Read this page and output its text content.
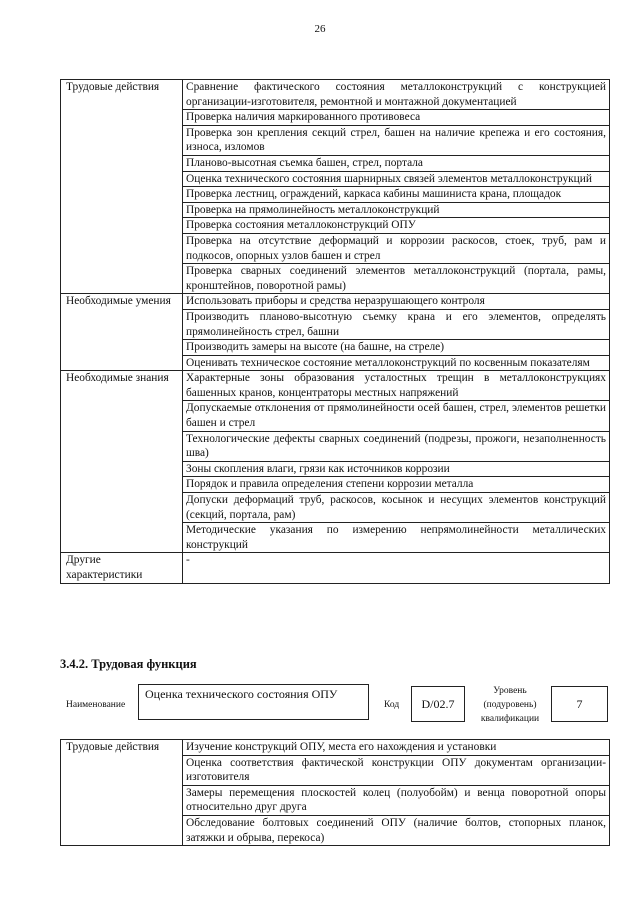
26
Трудовые действия	Сравнение фактического состояния металлоконструкций с конструкцией организации-изготовителя, ремонтной и монтажной документацией
	Проверка наличия маркированного противовеса
	Проверка зон крепления секций стрел, башен на наличие крепежа и его состояния, износа, изломов
	Планово-высотная съемка башен, стрел, портала
	Оценка технического состояния шарнирных связей элементов металлоконструкций
	Проверка лестниц, ограждений, каркаса кабины машиниста крана, площадок
	Проверка на прямолинейность металлоконструкций
	Проверка состояния металлоконструкций ОПУ
	Проверка на отсутствие деформаций и коррозии раскосов, стоек, труб, рам и подкосов, опорных узлов башен и стрел
	Проверка сварных соединений элементов металлоконструкций (портала, рамы, кронштейнов, поворотной рамы)
Необходимые умения	Использовать приборы и средства неразрушающего контроля
	Производить планово-высотную съемку крана и его элементов, определять прямолинейность стрел, башни
	Производить замеры на высоте (на башне, на стреле)
	Оценивать техническое состояние металлоконструкций по косвенным показателям
Необходимые знания	Характерные зоны образования усталостных трещин в металлоконструкциях башенных кранов, концентраторы местных напряжений
	Допускаемые отклонения от прямолинейности осей башен, стрел, элементов решетки башен и стрел
	Технологические дефекты сварных соединений (подрезы, прожоги, незаполненность шва)
	Зоны скопления влаги, грязи как источников коррозии
	Порядок и правила определения степени коррозии металла
	Допуски деформаций труб, раскосов, косынок и несущих элементов конструкций (секций, портала, рам)
	Методические указания по измерению непрямолинейности металлических конструкций
Другие характеристики	-
3.4.2. Трудовая функция
Наименование
Оценка технического состояния ОПУ
Код	D/02.7
Уровень
(подуровень)
квалификации
7
Трудовые действия	Изучение конструкций ОПУ, места его нахождения и установки
Оценка соответствия фактической конструкции ОПУ документам организации-изготовителя
Замеры перемещения плоскостей колец (полуобойм) и венца поворотной опоры относительно друг друга
Обследование болтовых соединений ОПУ (наличие болтов, стопорных планок, затяжки и обрыва, перекоса)
